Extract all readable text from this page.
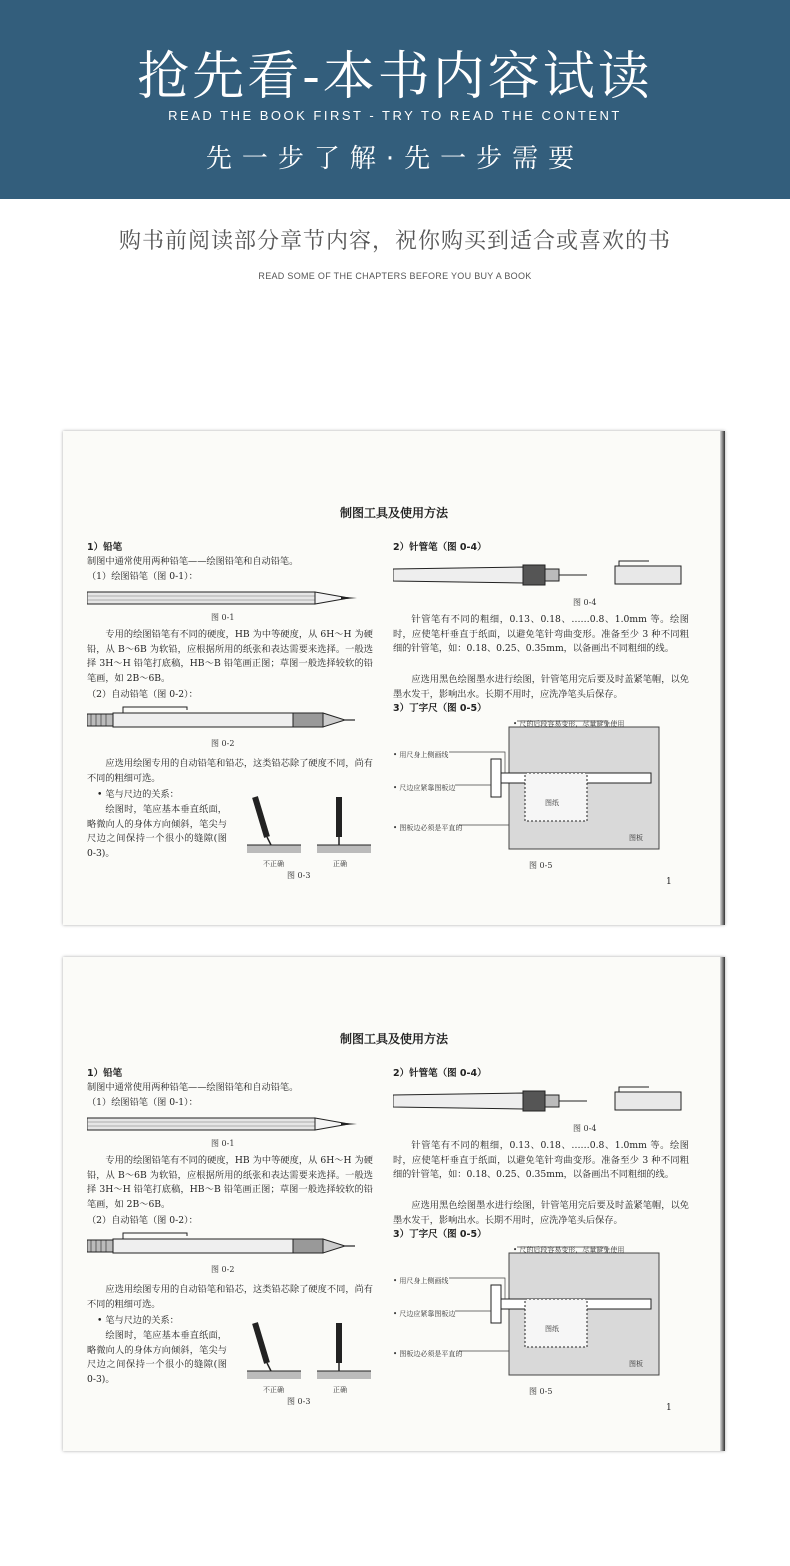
抢先看-本书内容试读
READ THE BOOK FIRST - TRY TO READ THE CONTENT
先一步了解·先一步需要
购书前阅读部分章节内容，祝你购买到适合或喜欢的书
READ SOME OF THE CHAPTERS BEFORE YOU BUY A BOOK
制图工具及使用方法
1）铅笔
制图中通常使用两种铅笔——绘图铅笔和自动铅笔。
（1）绘图铅笔（图 0-1）：
图 0-1
专用的绘图铅笔有不同的硬度，HB 为中等硬度，从 6H～H 为硬铅，从 B～6B 为软铅，应根据所用的纸张和表达需要来选择。一般选择 3H～H 铅笔打底稿，HB～B 铅笔画正图；草图一般选择较软的铅笔画，如 2B～6B。
（2）自动铅笔（图 0-2）：
图 0-2
应选用绘图专用的自动铅笔和铅芯，这类铅芯除了硬度不同，尚有不同的粗细可选。
• 笔与尺边的关系：
绘图时，笔应基本垂直纸面，略微向人的身体方向倾斜，笔尖与尺边之间保持一个很小的缝隙(图0-3)。
不正确	正确
图 0-3
2）针管笔（图 0-4）
图 0-4
针管笔有不同的粗细，0.13、0.18、……0.8、1.0mm 等。绘图时，应使笔杆垂直于纸面，以避免笔针弯曲变形。准备至少 3 种不同粗细的针管笔，如：0.18、0.25、0.35mm，以备画出不同粗细的线。
应选用黑色绘图墨水进行绘图，针管笔用完后要及时盖紧笔帽，以免墨水发干，影响出水。长期不用时，应洗净笔头后保存。
3）丁字尺（图 0-5）
• 尺的后段容易变形，尽量避免使用
• 用尺身上侧画线
• 尺边应紧靠图板边
• 图板边必须是平直的
图纸
图板
图 0-5
1
制图工具及使用方法
1）铅笔
制图中通常使用两种铅笔——绘图铅笔和自动铅笔。
（1）绘图铅笔（图 0-1）：
图 0-1
专用的绘图铅笔有不同的硬度，HB 为中等硬度，从 6H～H 为硬铅，从 B～6B 为软铅，应根据所用的纸张和表达需要来选择。一般选择 3H～H 铅笔打底稿，HB～B 铅笔画正图；草图一般选择较软的铅笔画，如 2B～6B。
（2）自动铅笔（图 0-2）：
图 0-2
应选用绘图专用的自动铅笔和铅芯，这类铅芯除了硬度不同，尚有不同的粗细可选。
• 笔与尺边的关系：
绘图时，笔应基本垂直纸面，略微向人的身体方向倾斜，笔尖与尺边之间保持一个很小的缝隙(图0-3)。
不正确	正确
图 0-3
2）针管笔（图 0-4）
图 0-4
针管笔有不同的粗细，0.13、0.18、……0.8、1.0mm 等。绘图时，应使笔杆垂直于纸面，以避免笔针弯曲变形。准备至少 3 种不同粗细的针管笔，如：0.18、0.25、0.35mm，以备画出不同粗细的线。
应选用黑色绘图墨水进行绘图，针管笔用完后要及时盖紧笔帽，以免墨水发干，影响出水。长期不用时，应洗净笔头后保存。
3）丁字尺（图 0-5）
• 尺的后段容易变形，尽量避免使用
• 用尺身上侧画线
• 尺边应紧靠图板边
• 图板边必须是平直的
图纸
图板
图 0-5
1
